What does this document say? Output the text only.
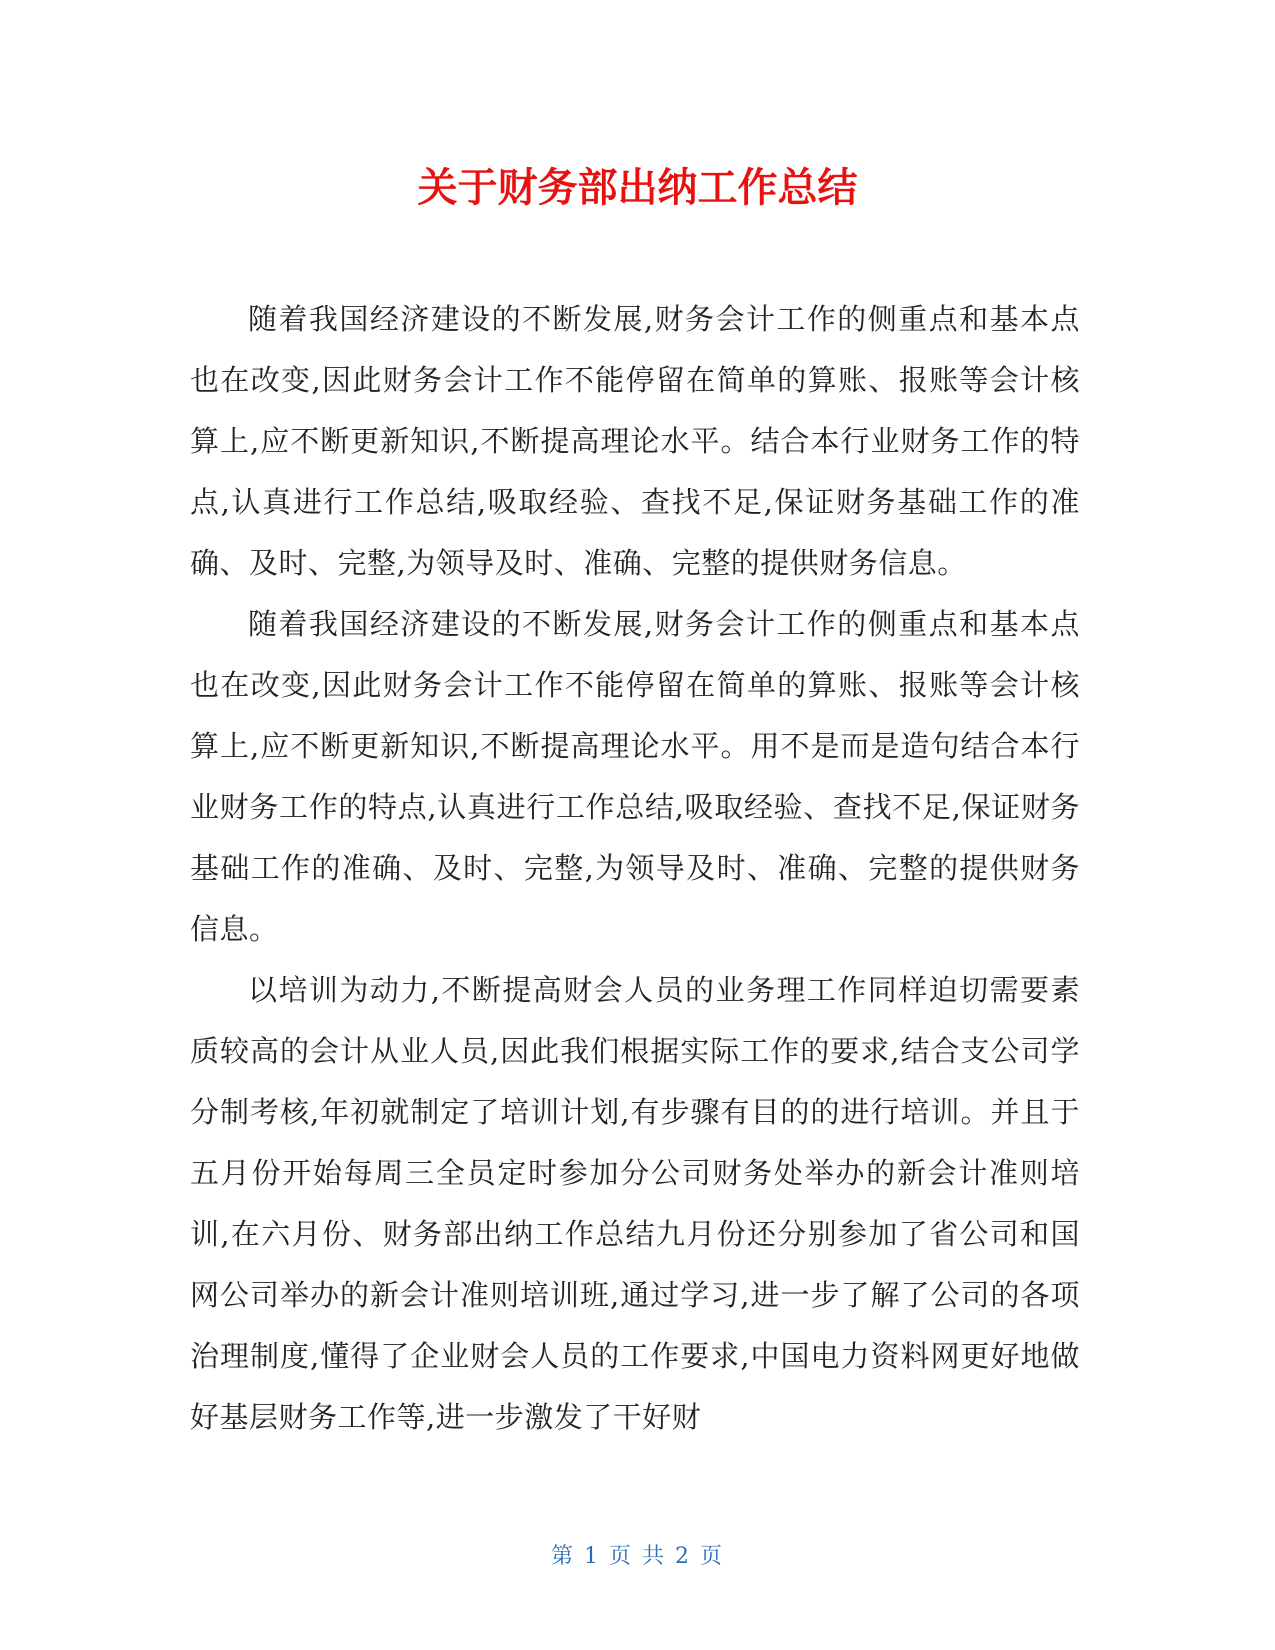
关于财务部出纳工作总结

随着我国经济建设的不断发展,财务会计工作的侧重点和基本点也在改变,因此财务会计工作不能停留在简单的算账、报账等会计核算上,应不断更新知识,不断提高理论水平。结合本行业财务工作的特点,认真进行工作总结,吸取经验、查找不足,保证财务基础工作的准确、及时、完整,为领导及时、准确、完整的提供财务信息。

随着我国经济建设的不断发展,财务会计工作的侧重点和基本点也在改变,因此财务会计工作不能停留在简单的算账、报账等会计核算上,应不断更新知识,不断提高理论水平。用不是而是造句结合本行业财务工作的特点,认真进行工作总结,吸取经验、查找不足,保证财务基础工作的准确、及时、完整,为领导及时、准确、完整的提供财务信息。

以培训为动力,不断提高财会人员的业务理工作同样迫切需要素质较高的会计从业人员,因此我们根据实际工作的要求,结合支公司学分制考核,年初就制定了培训计划,有步骤有目的的进行培训。并且于五月份开始每周三全员定时参加分公司财务处举办的新会计准则培训,在六月份、财务部出纳工作总结九月份还分别参加了省公司和国网公司举办的新会计准则培训班,通过学习,进一步了解了公司的各项治理制度,懂得了企业财会人员的工作要求,中国电力资料网更好地做好基层财务工作等,进一步激发了干好财

第 1 页 共 2 页
